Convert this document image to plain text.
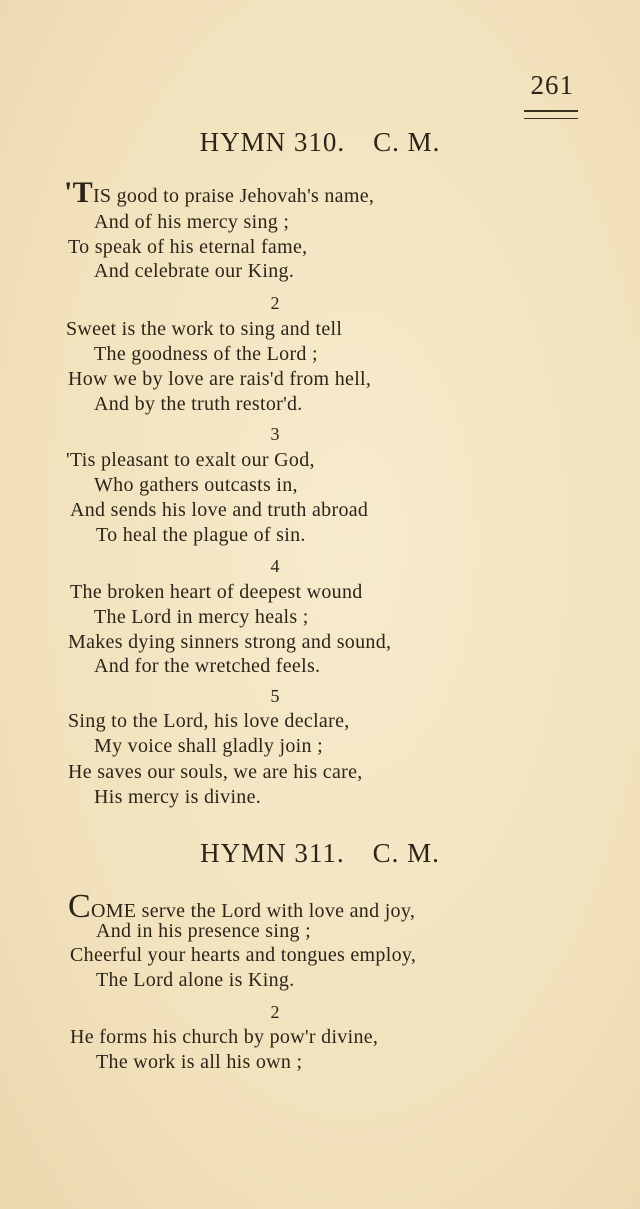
261
HYMN 310. C. M.
'TIS good to praise Jehovah's name,
And of his mercy sing ;
To speak of his eternal fame,
And celebrate our King.
2
Sweet is the work to sing and tell
The goodness of the Lord ;
How we by love are rais'd from hell,
And by the truth restor'd.
3
'Tis pleasant to exalt our God,
Who gathers outcasts in,
And sends his love and truth abroad
To heal the plague of sin.
4
The broken heart of deepest wound
The Lord in mercy heals ;
Makes dying sinners strong and sound,
And for the wretched feels.
5
Sing to the Lord, his love declare,
My voice shall gladly join ;
He saves our souls, we are his care,
His mercy is divine.
HYMN 311. C. M.
COME serve the Lord with love and joy,
And in his presence sing ;
Cheerful your hearts and tongues employ,
The Lord alone is King.
2
He forms his church by pow'r divine,
The work is all his own ;
